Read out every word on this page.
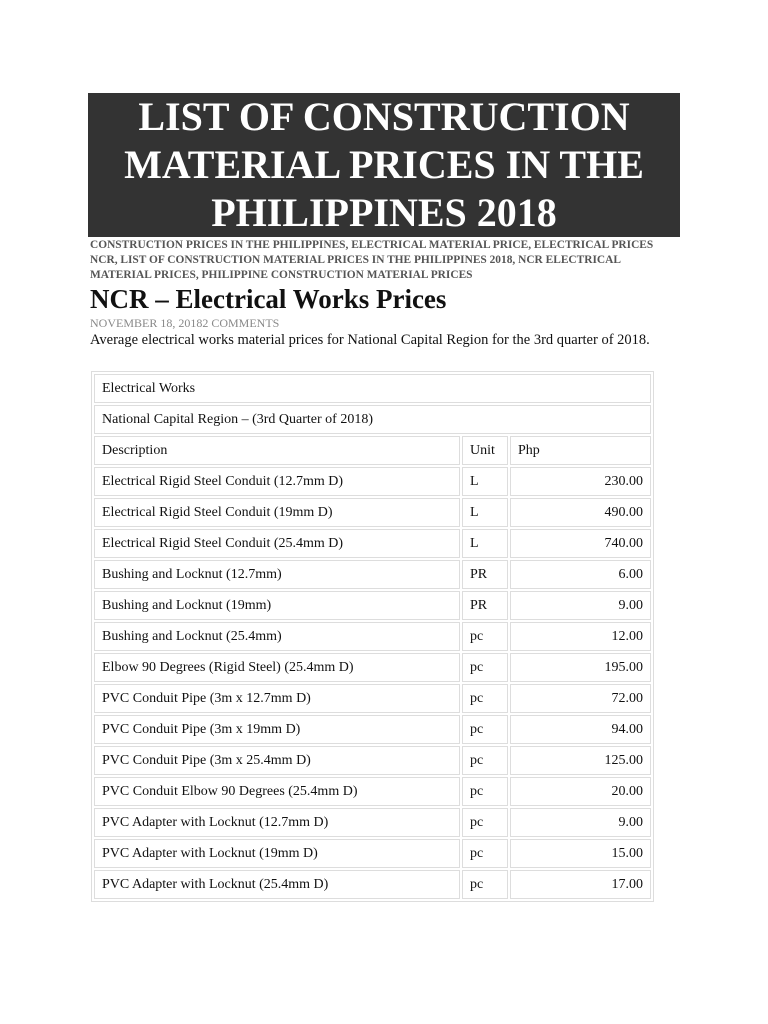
LIST OF CONSTRUCTION
MATERIAL PRICES IN THE
PHILIPPINES 2018
CONSTRUCTION PRICES IN THE PHILIPPINES, ELECTRICAL MATERIAL PRICE, ELECTRICAL PRICES NCR, LIST OF CONSTRUCTION MATERIAL PRICES IN THE PHILIPPINES 2018, NCR ELECTRICAL MATERIAL PRICES, PHILIPPINE CONSTRUCTION MATERIAL PRICES
NCR – Electrical Works Prices
NOVEMBER 18, 20182 COMMENTS
Average electrical works material prices for National Capital Region for the 3rd quarter of 2018.
Electrical Works		
National Capital Region – (3rd Quarter of 2018)		
Description	Unit	Php
Electrical Rigid Steel Conduit (12.7mm D)	L	230.00
Electrical Rigid Steel Conduit (19mm D)	L	490.00
Electrical Rigid Steel Conduit (25.4mm D)	L	740.00
Bushing and Locknut (12.7mm)	PR	6.00
Bushing and Locknut (19mm)	PR	9.00
Bushing and Locknut (25.4mm)	pc	12.00
Elbow 90 Degrees (Rigid Steel) (25.4mm D)	pc	195.00
PVC Conduit Pipe (3m x 12.7mm D)	pc	72.00
PVC Conduit Pipe (3m x 19mm D)	pc	94.00
PVC Conduit Pipe (3m x 25.4mm D)	pc	125.00
PVC Conduit Elbow 90 Degrees (25.4mm D)	pc	20.00
PVC Adapter with Locknut (12.7mm D)	pc	9.00
PVC Adapter with Locknut (19mm D)	pc	15.00
PVC Adapter with Locknut (25.4mm D)	pc	17.00
